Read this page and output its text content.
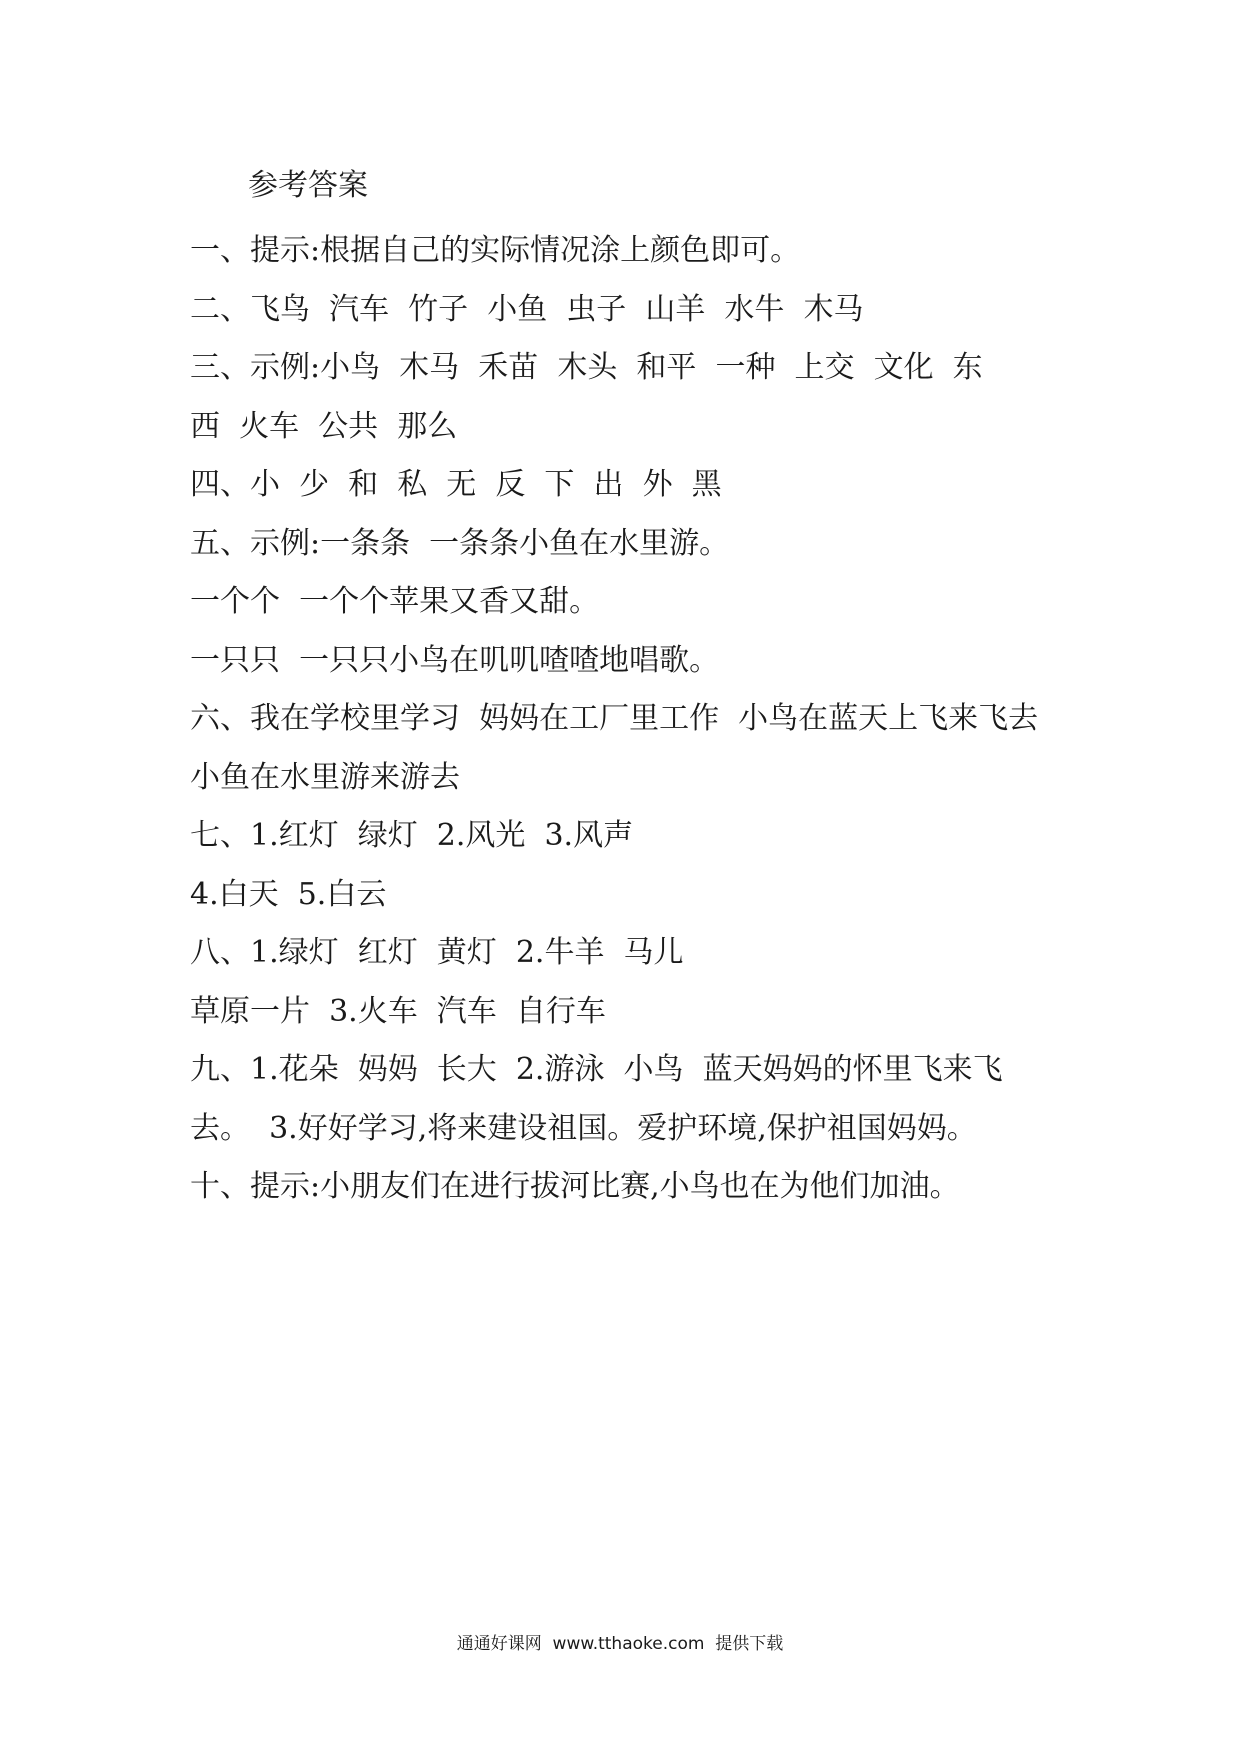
参考答案
一、提示:根据自己的实际情况涂上颜色即可。
二、飞鸟  汽车  竹子  小鱼  虫子  山羊  水牛  木马
三、示例:小鸟  木马  禾苗  木头  和平  一种  上交  文化  东
西  火车  公共  那么
四、小  少  和  私  无  反  下  出  外  黑
五、示例:一条条  一条条小鱼在水里游。
一个个  一个个苹果又香又甜。
一只只  一只只小鸟在叽叽喳喳地唱歌。
六、我在学校里学习  妈妈在工厂里工作  小鸟在蓝天上飞来飞去
小鱼在水里游来游去
七、1.红灯  绿灯  2.风光  3.风声
4.白天  5.白云
八、1.绿灯  红灯  黄灯  2.牛羊  马儿
草原一片  3.火车  汽车  自行车
九、1.花朵  妈妈  长大  2.游泳  小鸟  蓝天妈妈的怀里飞来飞
去。  3.好好学习,将来建设祖国。爱护环境,保护祖国妈妈。
十、提示:小朋友们在进行拔河比赛,小鸟也在为他们加油。
通通好课网  www.tthaoke.com  提供下载
